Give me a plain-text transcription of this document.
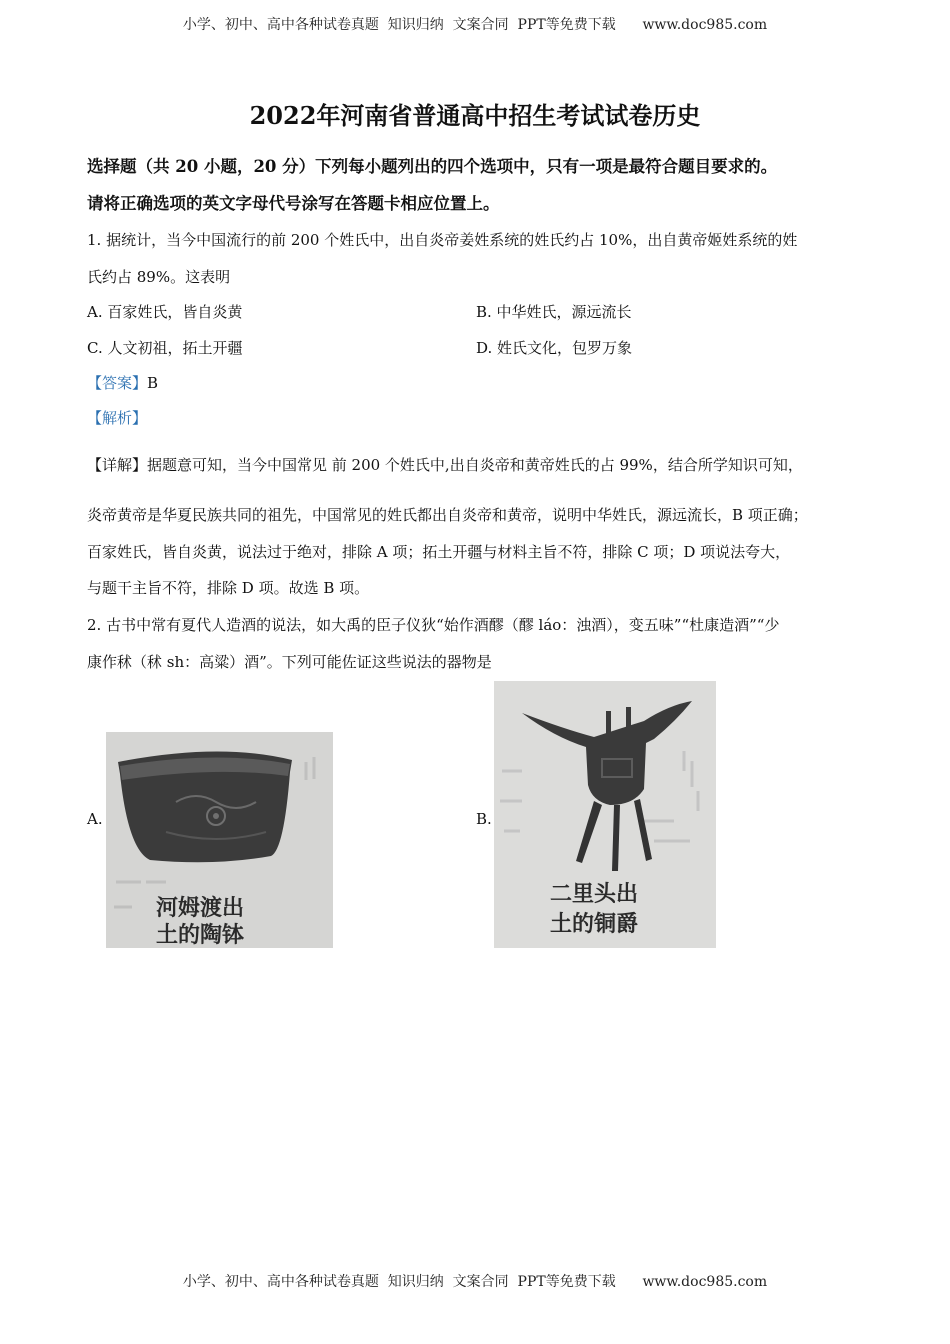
小学、初中、高中各种试卷真题  知识归纳  文案合同  PPT等免费下载      www.doc985.com
2022年河南省普通高中招生考试试卷历史
选择题（共 20 小题，20 分）下列每小题列出的四个选项中，只有一项是最符合题目要求的。
请将正确选项的英文字母代号涂写在答题卡相应位置上。
1. 据统计，当今中国流行的前 200 个姓氏中，出自炎帝姜姓系统的姓氏约占 10%，出自黄帝姬姓系统的姓
氏约占 89%。这表明
A. 百家姓氏，皆自炎黄	B. 中华姓氏，源远流长
C. 人文初祖，拓土开疆	D. 姓氏文化，包罗万象
【答案】B
【解析】
【详解】据题意可知，当今中国常见 前 200 个姓氏中,出自炎帝和黄帝姓氏的占 99%，结合所学知识可知，
炎帝黄帝是华夏民族共同的祖先，中国常见的姓氏都出自炎帝和黄帝，说明中华姓氏，源远流长，B 项正确；
百家姓氏，皆自炎黄，说法过于绝对，排除 A 项；拓土开疆与材料主旨不符，排除 C 项；D 项说法夸大，
与题干主旨不符，排除 D 项。故选 B 项。
2. 古书中常有夏代人造酒的说法，如大禹的臣子仪狄“始作酒醪（醪 láo：浊酒），变五味”“杜康造酒”“少
康作秫（秫 sh：高粱）酒”。下列可能佐证这些说法的器物是
A.
河姆渡出
土的陶钵
B.
二里头出
土的铜爵
小学、初中、高中各种试卷真题  知识归纳  文案合同  PPT等免费下载      www.doc985.com
